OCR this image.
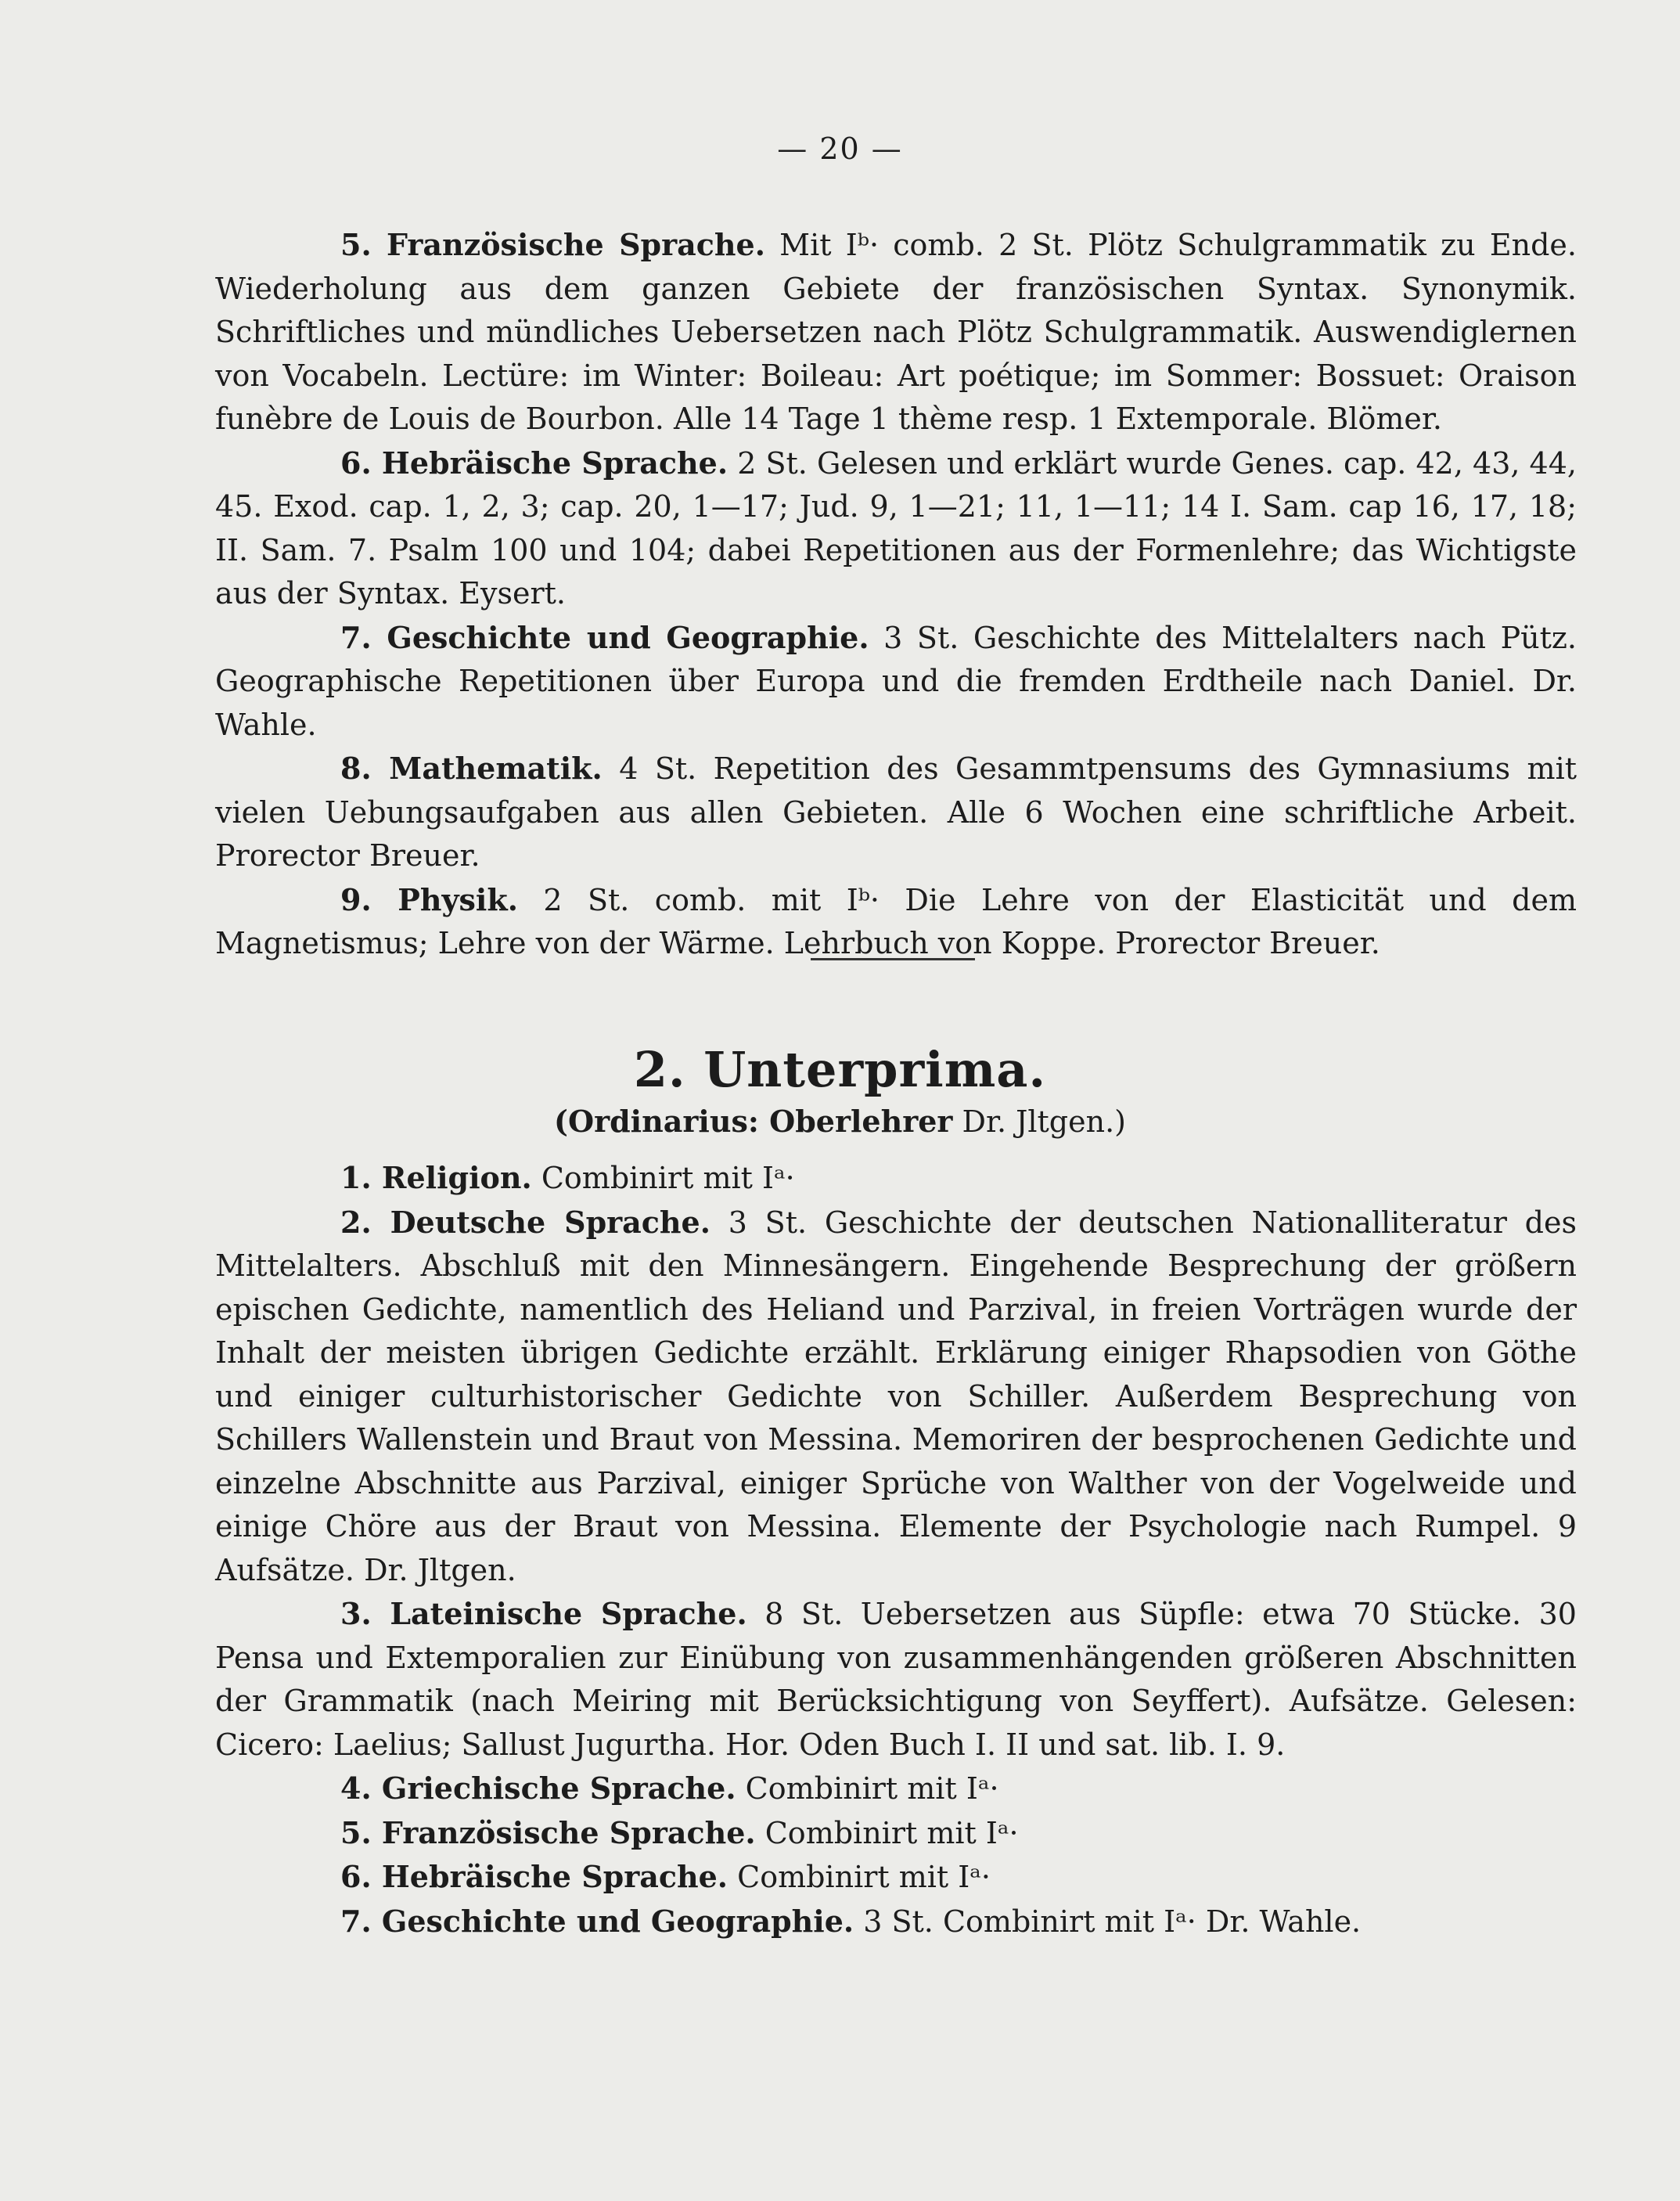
— 20 —

5. Französische Sprache. Mit Iᵇ· comb. 2 St. Plötz Schulgrammatik zu Ende. Wiederholung aus dem ganzen Gebiete der französischen Syntax. Synonymik. Schriftliches und mündliches Uebersetzen nach Plötz Schulgrammatik. Auswendiglernen von Vocabeln. Lectüre: im Winter: Boileau: Art poétique; im Sommer: Bossuet: Oraison funèbre de Louis de Bourbon. Alle 14 Tage 1 thème resp. 1 Extemporale. Blömer.

6. Hebräische Sprache. 2 St. Gelesen und erklärt wurde Genes. cap. 42, 43, 44, 45. Exod. cap. 1, 2, 3; cap. 20, 1—17; Jud. 9, 1—21; 11, 1—11; 14 I. Sam. cap 16, 17, 18; II. Sam. 7. Psalm 100 und 104; dabei Repetitionen aus der Formenlehre; das Wichtigste aus der Syntax. Eysert.

7. Geschichte und Geographie. 3 St. Geschichte des Mittelalters nach Pütz. Geographische Repetitionen über Europa und die fremden Erdtheile nach Daniel. Dr. Wahle.

8. Mathematik. 4 St. Repetition des Gesammtpensums des Gymnasiums mit vielen Uebungsaufgaben aus allen Gebieten. Alle 6 Wochen eine schriftliche Arbeit. Prorector Breuer.

9. Physik. 2 St. comb. mit Iᵇ· Die Lehre von der Elasticität und dem Magnetismus; Lehre von der Wärme. Lehrbuch von Koppe. Prorector Breuer.

2. Unterprima.
(Ordinarius: Oberlehrer Dr. Jltgen.)

1. Religion. Combinirt mit Iᵃ·

2. Deutsche Sprache. 3 St. Geschichte der deutschen Nationalliteratur des Mittelalters. Abschluß mit den Minnesängern. Eingehende Besprechung der größern epischen Gedichte, namentlich des Heliand und Parzival, in freien Vorträgen wurde der Inhalt der meisten übrigen Gedichte erzählt. Erklärung einiger Rhapsodien von Göthe und einiger culturhistorischer Gedichte von Schiller. Außerdem Besprechung von Schillers Wallenstein und Braut von Messina. Memoriren der besprochenen Gedichte und einzelne Abschnitte aus Parzival, einiger Sprüche von Walther von der Vogelweide und einige Chöre aus der Braut von Messina. Elemente der Psychologie nach Rumpel. 9 Aufsätze. Dr. Jltgen.

3. Lateinische Sprache. 8 St. Uebersetzen aus Süpfle: etwa 70 Stücke. 30 Pensa und Extemporalien zur Einübung von zusammenhängenden größeren Abschnitten der Grammatik (nach Meiring mit Berücksichtigung von Seyffert). Aufsätze. Gelesen: Cicero: Laelius; Sallust Jugurtha. Hor. Oden Buch I. II und sat. lib. I. 9.

4. Griechische Sprache. Combinirt mit Iᵃ·

5. Französische Sprache. Combinirt mit Iᵃ·

6. Hebräische Sprache. Combinirt mit Iᵃ·

7. Geschichte und Geographie. 3 St. Combinirt mit Iᵃ· Dr. Wahle.
